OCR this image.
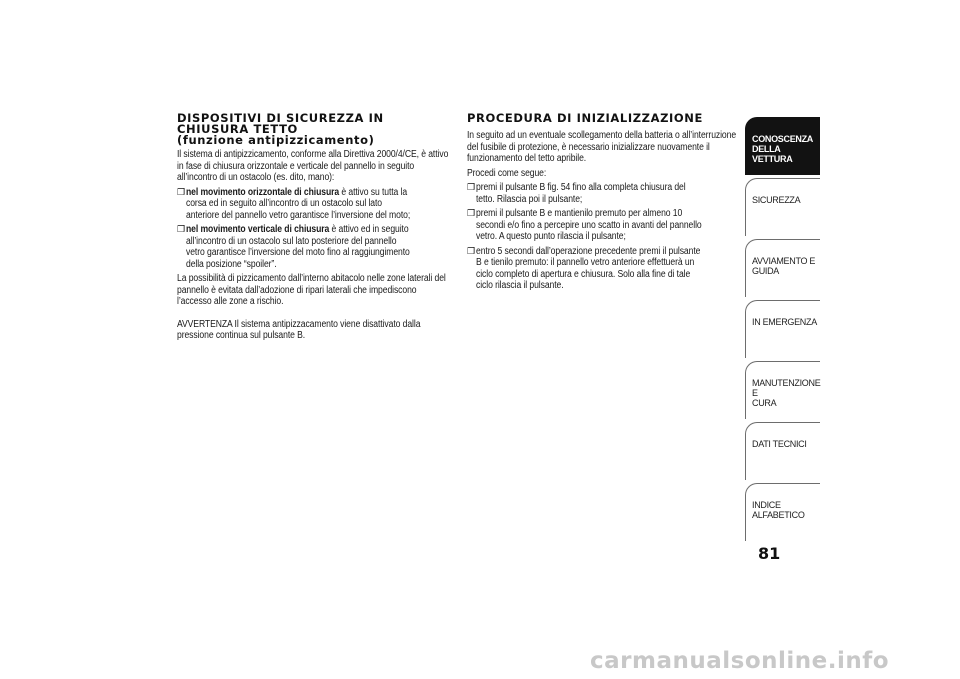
DISPOSITIVI DI SICUREZZA IN
CHIUSURA TETTO
(funzione antipizzicamento)

Il sistema di antipizzicamento, conforme alla Direttiva 2000/4/CE, è attivo in fase di chiusura orizzontale e verticale del pannello in seguito all’incontro di un ostacolo (es. dito, mano):

❒ nel movimento orizzontale di chiusura è attivo su tutta la corsa ed in seguito all’incontro di un ostacolo sul lato anteriore del pannello vetro garantisce l’inversione del moto;
❒ nel movimento verticale di chiusura è attivo ed in seguito all’incontro di un ostacolo sul lato posteriore del pannello vetro garantisce l’inversione del moto fino al raggiungimento della posizione “spoiler”.

La possibilità di pizzicamento dall’interno abitacolo nelle zone laterali del pannello è evitata dall’adozione di ripari laterali che impediscono l’accesso alle zone a rischio.

AVVERTENZA Il sistema antipizzacamento viene disattivato dalla pressione continua sul pulsante B.

PROCEDURA DI INIZIALIZZAZIONE

In seguito ad un eventuale scollegamento della batteria o all’interruzione del fusibile di protezione, è necessario inizializzare nuovamente il funzionamento del tetto apribile.

Procedi come segue:

❒ premi il pulsante B fig. 54 fino alla completa chiusura del tetto. Rilascia poi il pulsante;
❒ premi il pulsante B e mantienilo premuto per almeno 10 secondi e/o fino a percepire uno scatto in avanti del pannello vetro. A questo punto rilascia il pulsante;
❒ entro 5 secondi dall’operazione precedente premi il pulsante B e tienilo premuto: il pannello vetro anteriore effettuerà un ciclo completo di apertura e chiusura. Solo alla fine di tale ciclo rilascia il pulsante.
CONOSCENZA
DELLA VETTURA
SICUREZZA
AVVIAMENTO E
GUIDA
IN EMERGENZA
MANUTENZIONE E
CURA
DATI TECNICI
INDICE ALFABETICO
81
carmanualsonline.info
